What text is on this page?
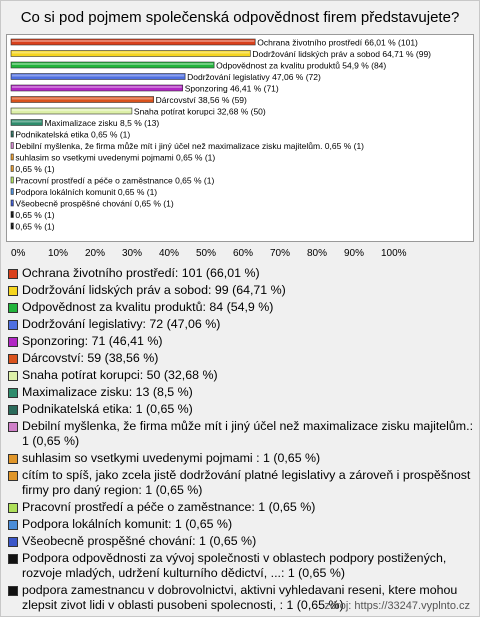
Co si pod pojmem společenská odpovědnost firem představujete?
Ochrana životního prostředí 66,01 % (101)
Dodržování lidských práv a sobod 64,71 % (99)
Odpovědnost za kvalitu produktů 54,9 % (84)
Dodržování legislativy 47,06 % (72)
Sponzoring 46,41 % (71)
Dárcovství 38,56 % (59)
Snaha potírat korupci 32,68 % (50)
Maximalizace zisku 8,5 % (13)
Podnikatelská etika 0,65 % (1)
Debilní myšlenka, že firma může mít i jiný účel než maximalizace zisku majitelům. 0,65 % (1)
suhlasim so vsetkymi uvedenymi pojmami 0,65 % (1)
0,65 % (1)
Pracovní prostředí a péče o zaměstnance 0,65 % (1)
Podpora lokálních komunit 0,65 % (1)
Všeobecně prospěšné chování 0,65 % (1)
0,65 % (1)
0,65 % (1)
0% 10% 20% 30% 40% 50% 60% 70% 80% 90% 100%
Ochrana životního prostředí: 101 (66,01 %)
Dodržování lidských práv a sobod: 99 (64,71 %)
Odpovědnost za kvalitu produktů: 84 (54,9 %)
Dodržování legislativy: 72 (47,06 %)
Sponzoring: 71 (46,41 %)
Dárcovství: 59 (38,56 %)
Snaha potírat korupci: 50 (32,68 %)
Maximalizace zisku: 13 (8,5 %)
Podnikatelská etika: 1 (0,65 %)
Debilní myšlenka, že firma může mít i jiný účel než maximalizace zisku majitelům.: 1 (0,65 %)
suhlasim so vsetkymi uvedenymi pojmami : 1 (0,65 %)
cítím to spíš, jako zcela jistě dodržování platné legislativy a zároveň i prospěšnost firmy pro daný region: 1 (0,65 %)
Pracovní prostředí a péče o zaměstnance: 1 (0,65 %)
Podpora lokálních komunit: 1 (0,65 %)
Všeobecně prospěšné chování: 1 (0,65 %)
Podpora odpovědnosti za vývoj společnosti v oblastech podpory postižených, rozvoje mladých, udržení kulturního dědictví, ...: 1 (0,65 %)
podpora zamestnancu v dobrovolnictvi, aktivni vyhledavani reseni, ktere mohou zlepsit zivot lidi v oblasti pusobeni spolecnosti, : 1 (0,65 %)
zdroj: https://33247.vyplnto.cz
